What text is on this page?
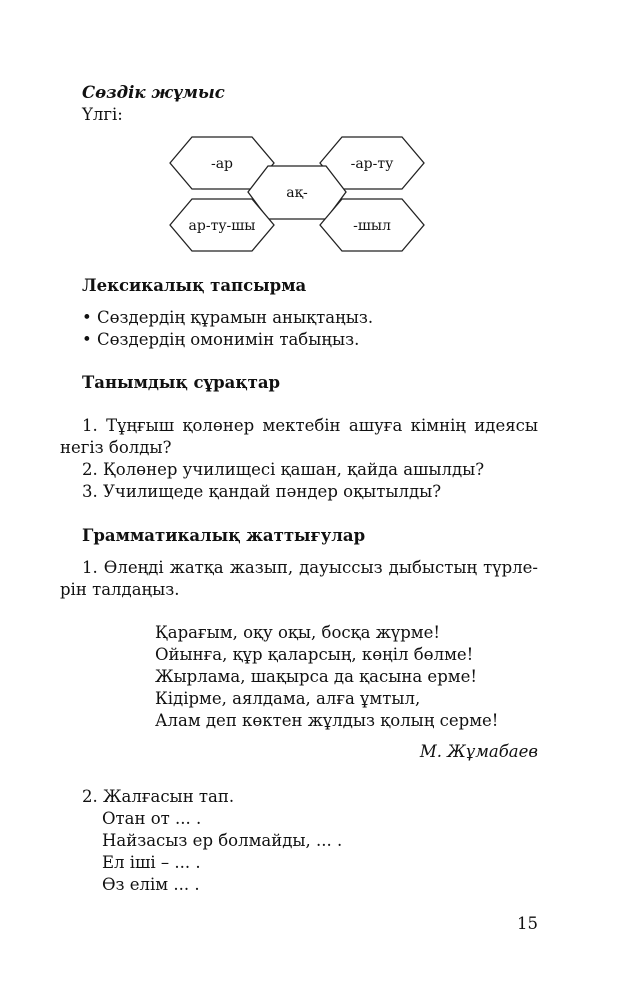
Сөздік жұмыс
Үлгі:
-ар	-ар-ту
ақ-
ар-ту-шы	-шыл
Лексикалық тапсырма
• Сөздердің құрамын анықтаңыз.
• Сөздердің омонимін табыңыз.
Танымдық сұрақтар
1. Тұңғыш қолөнер мектебін ашуға кімнің идеясы
негіз болды?
2. Қолөнер училищесі қашан, қайда ашылды?
3. Училищеде қандай пәндер оқытылды?
Грамматикалық жаттығулар
1. Өлеңді жатқа жазып, дауыссыз дыбыстың түрле-
рін талдаңыз.
Қарағым, оқу оқы, босқа жүрме!
Ойынға, құр қаларсың, көңіл бөлме!
Жырлама, шақырса да қасына ерме!
Кідірме, аялдама, алға ұмтыл,
Алам деп көктен жұлдыз қолың серме!
М. Жұмабаев
2. Жалғасын тап.
Отан от ... .
Найзасыз ер болмайды, ... .
Ел іші – ... .
Өз елім ... .
15
